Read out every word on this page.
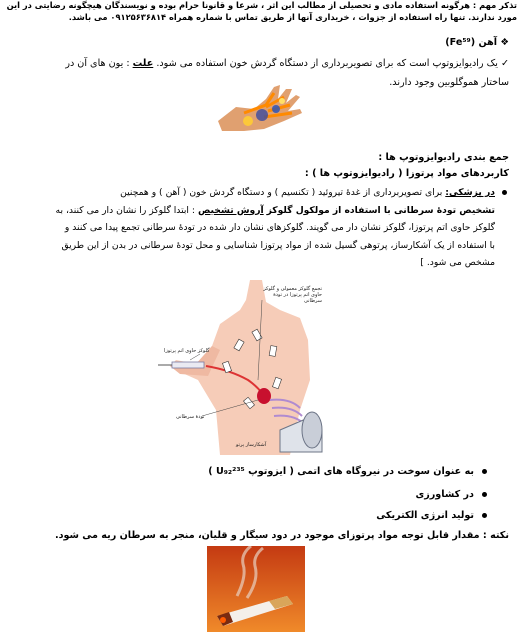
تذکر مهم : هرگونه استفاده مادی و تحصیلی از مطالب این اثر ، شرعا و قانونا حرام بوده و نویسندگان هیچگونه رضایتی در این مورد ندارند. تنها راه استفاده از جزوات ، خریداری آنها از طریق تماس با شماره همراه ۰۹۱۲۵۶۳۶۸۱۴ می باشد.
❖ آهن (Fe⁵⁹)
✓ یک رادیوایزوتوپ است که برای تصویربرداری از دستگاه گردش خون استفاده می شود. علت : یون های آن در
ساختار هموگلوبین وجود دارند.
جمع بندی رادیوایزوتوپ ها :
کاربردهای مواد پرتوزا ( رادیوایزوتوپ ها ) :
در پزشکی: برای تصویربرداری از غدهٔ تیروئید ( تکنسیم ) و دستگاه گردش خون ( آهن ) و همچنین
تشخیص تودهٔ سرطانی با استفاده از مولکول گلوکز آروش تشخیص : ابتدا گلوکز را نشان دار می کنند، به
گلوکز حاوی اتم پرتوزا، گلوکز نشان دار می گویند. گلوکزهای نشان دار شده در تودهٔ سرطانی تجمع پیدا می کنند و
با استفاده از یک آشکارساز، پرتوهی گسیل شده از مواد پرتوزا شناسایی و محل تودهٔ سرطانی در بدن از این طریق
مشخص می شود. ]
تجمع گلوکز معمولی و گلوکز حاوی اتم پرتوزا در تودهٔ سرطانی
گلوکز حاوی اتم پرتوزا
تودهٔ سرطانی
آشکارساز پرتو
به عنوان سوخت در نیروگاه های اتمی ( ایزوتوپ U₉₂²³⁵ )
در کشاورزی
تولید انرژی الکتریکی
نکته : مقدار قابل توجه مواد پرتوزای موجود در دود سیگار و قلیان، منجر به سرطان ریه می شود.
